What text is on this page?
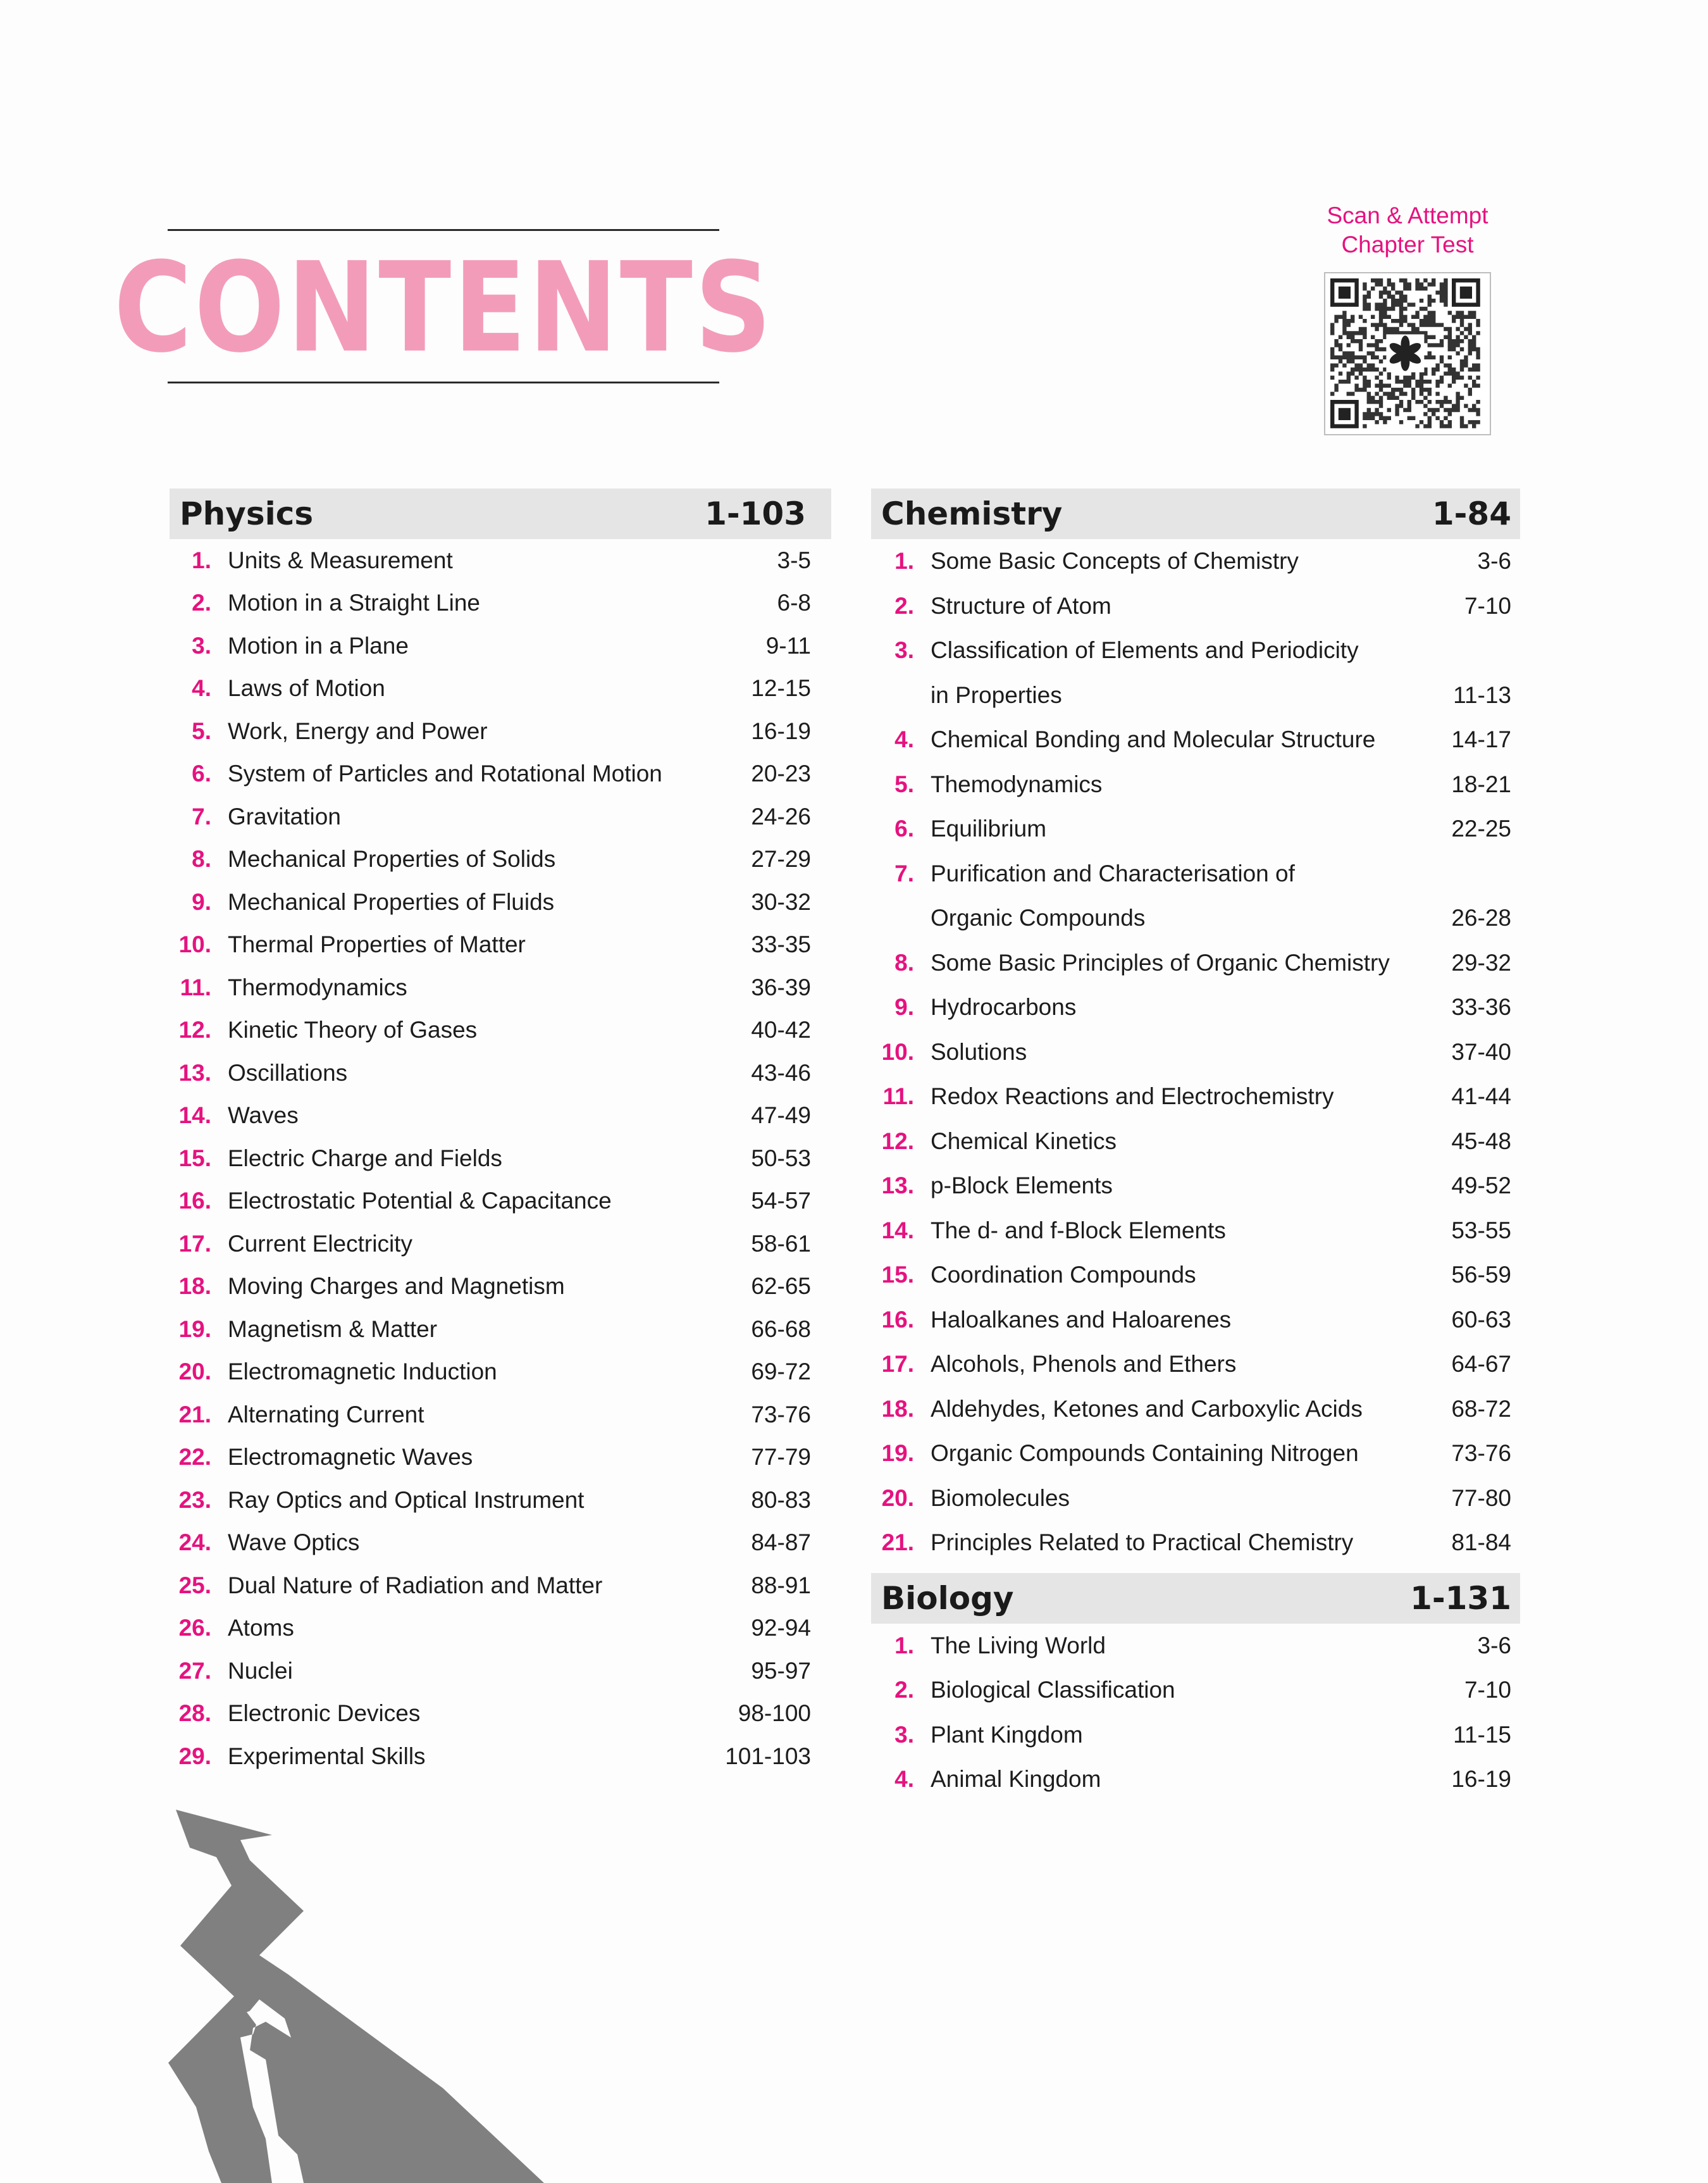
CONTENTS
Scan & Attempt
Chapter Test
Physics	1-103
1. Units & Measurement	3-5
2. Motion in a Straight Line	6-8
3. Motion in a Plane	9-11
4. Laws of Motion	12-15
5. Work, Energy and Power	16-19
6. System of Particles and Rotational Motion	20-23
7. Gravitation	24-26
8. Mechanical Properties of Solids	27-29
9. Mechanical Properties of Fluids	30-32
10. Thermal Properties of Matter	33-35
11. Thermodynamics	36-39
12. Kinetic Theory of Gases	40-42
13. Oscillations	43-46
14. Waves	47-49
15. Electric Charge and Fields	50-53
16. Electrostatic Potential & Capacitance	54-57
17. Current Electricity	58-61
18. Moving Charges and Magnetism	62-65
19. Magnetism & Matter	66-68
20. Electromagnetic Induction	69-72
21. Alternating Current	73-76
22. Electromagnetic Waves	77-79
23. Ray Optics and Optical Instrument	80-83
24. Wave Optics	84-87
25. Dual Nature of Radiation and Matter	88-91
26. Atoms	92-94
27. Nuclei	95-97
28. Electronic Devices	98-100
29. Experimental Skills	101-103
Chemistry	1-84
1. Some Basic Concepts of Chemistry	3-6
2. Structure of Atom	7-10
3. Classification of Elements and Periodicity
in Properties	11-13
4. Chemical Bonding and Molecular Structure	14-17
5. Themodynamics	18-21
6. Equilibrium	22-25
7. Purification and Characterisation of
Organic Compounds	26-28
8. Some Basic Principles of Organic Chemistry	29-32
9. Hydrocarbons	33-36
10. Solutions	37-40
11. Redox Reactions and Electrochemistry	41-44
12. Chemical Kinetics	45-48
13. p-Block Elements	49-52
14. The d- and f-Block Elements	53-55
15. Coordination Compounds	56-59
16. Haloalkanes and Haloarenes	60-63
17. Alcohols, Phenols and Ethers	64-67
18. Aldehydes, Ketones and Carboxylic Acids	68-72
19. Organic Compounds Containing Nitrogen	73-76
20. Biomolecules	77-80
21. Principles Related to Practical Chemistry	81-84
Biology	1-131
1. The Living World	3-6
2. Biological Classification	7-10
3. Plant Kingdom	11-15
4. Animal Kingdom	16-19
